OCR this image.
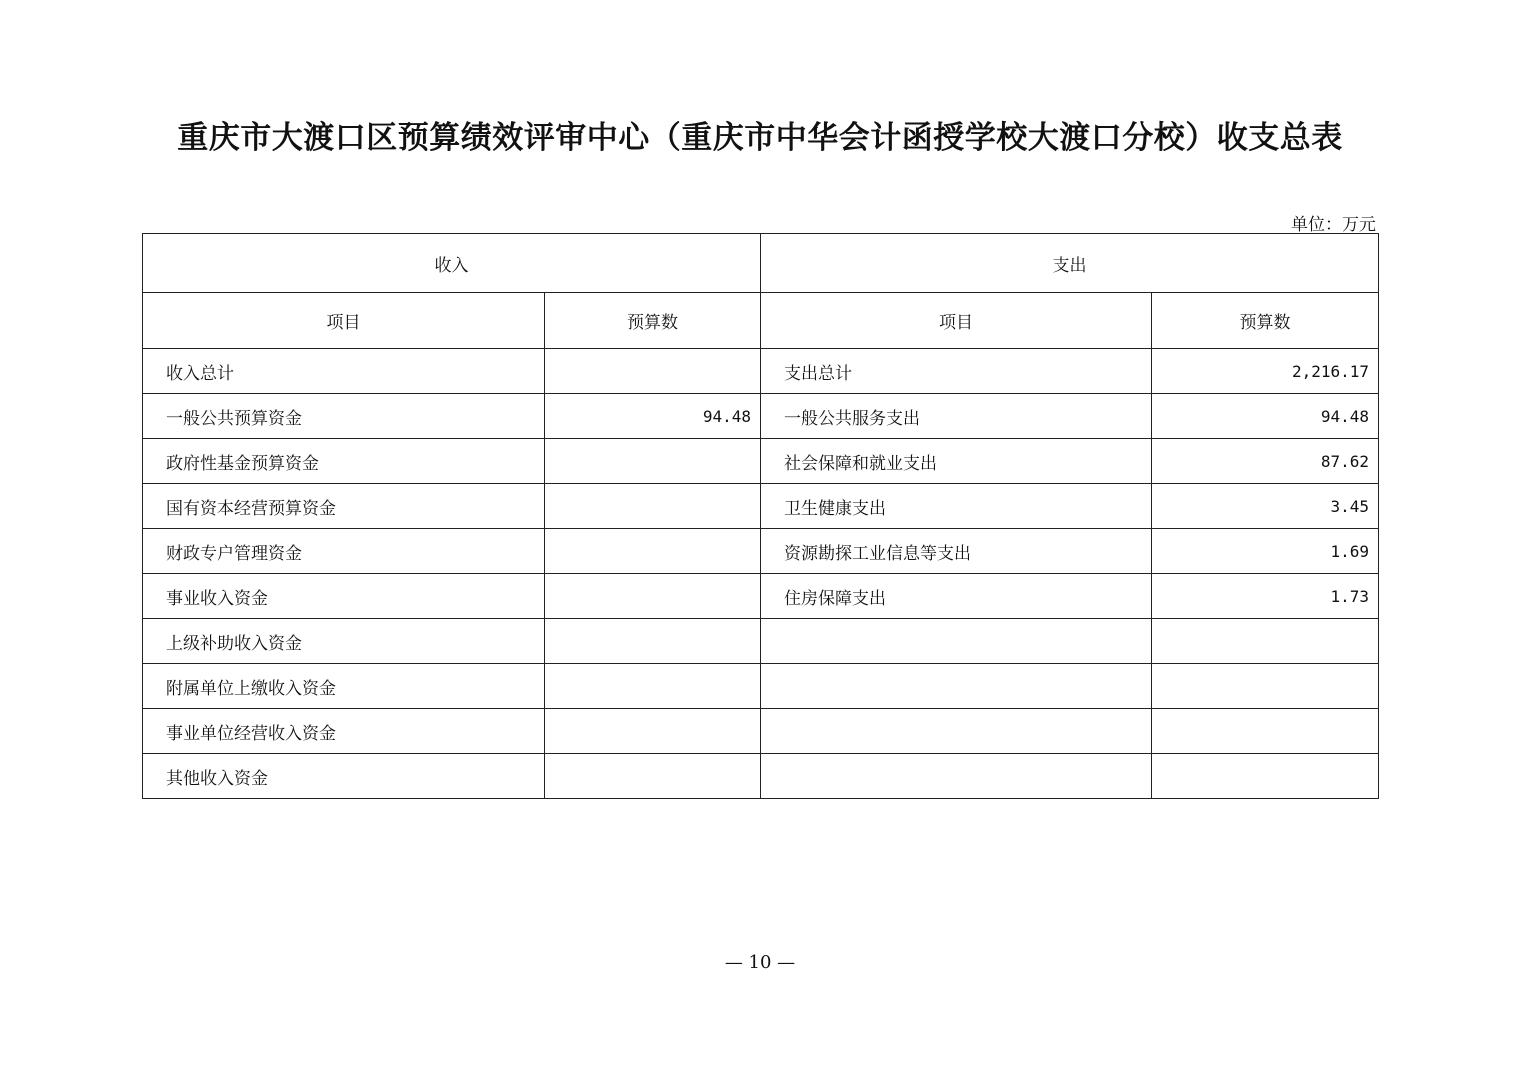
重庆市大渡口区预算绩效评审中心（重庆市中华会计函授学校大渡口分校）收支总表
单位：万元
收入		支出	
项目	预算数	项目	预算数
收入总计		支出总计	2,216.17
一般公共预算资金	94.48	一般公共服务支出	94.48
政府性基金预算资金		社会保障和就业支出	87.62
国有资本经营预算资金		卫生健康支出	3.45
财政专户管理资金		资源勘探工业信息等支出	1.69
事业收入资金		住房保障支出	1.73
上级补助收入资金			
附属单位上缴收入资金			
事业单位经营收入资金			
其他收入资金			
— 10 —
